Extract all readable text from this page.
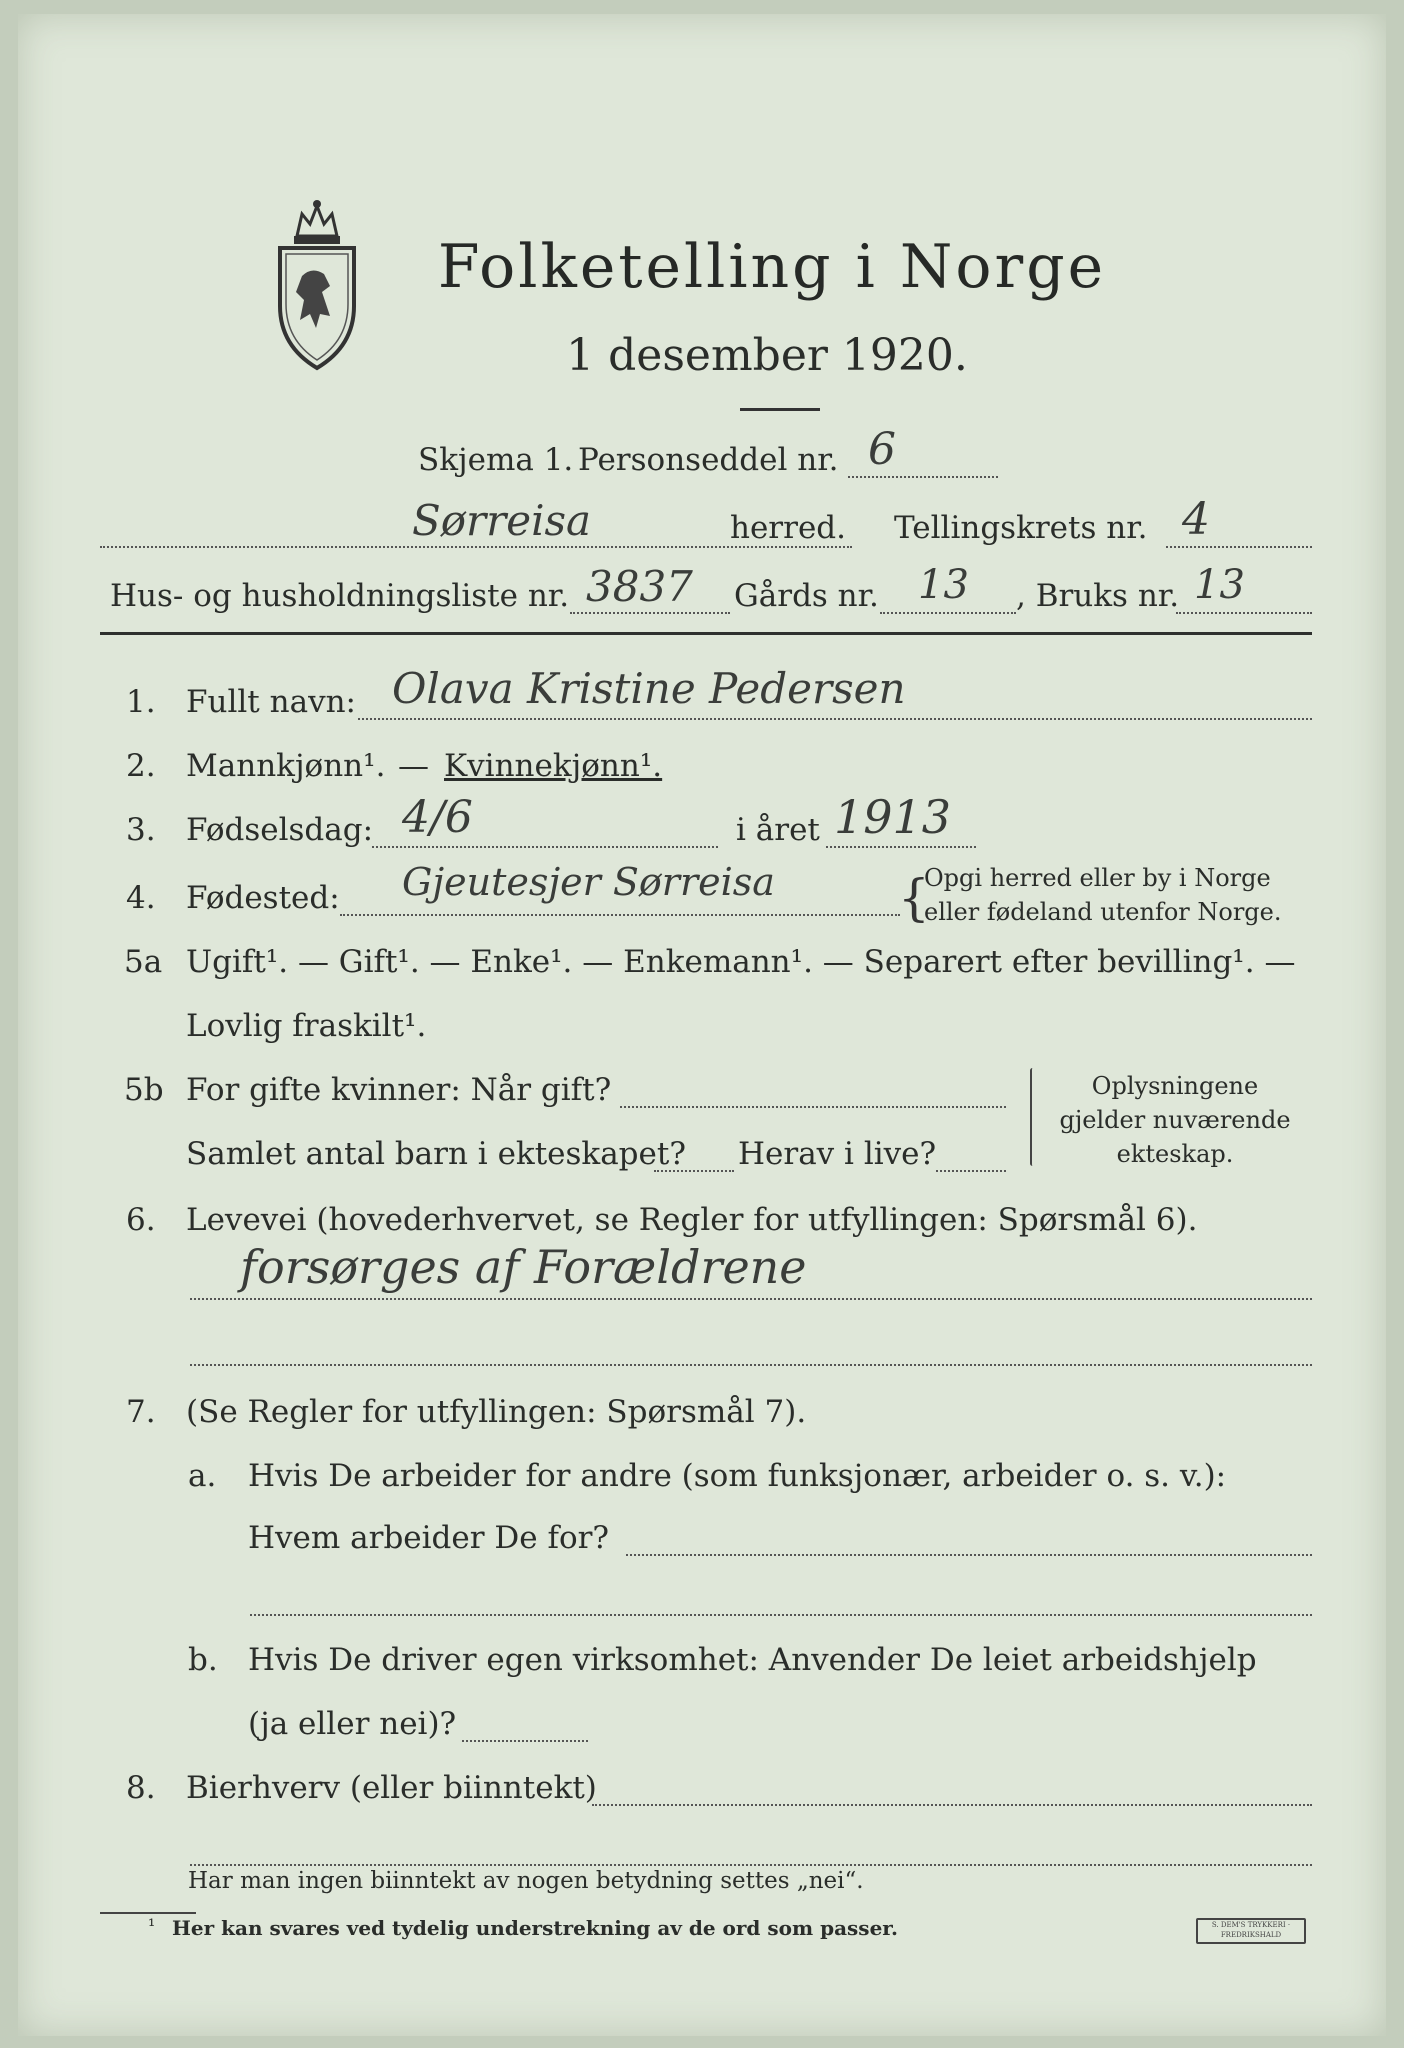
Folketelling i Norge
1 desember 1920.
Skjema 1. Personseddel nr. 6
Sørreisa	herred. Tellingskrets nr. 4
Hus- og husholdningsliste nr. 3837 Gårds nr. 13 , Bruks nr. 13
1. Fullt navn: Olava Kristine Pedersen
2. Mannkjønn¹. — Kvinnekjønn¹.
3. Fødselsdag: 4/6	i året 1913
4. Fødested: Gjeutesjer Sørreisa {
Opgi herred eller by i Norge
eller fødeland utenfor Norge.
5a Ugift¹. — Gift¹. — Enke¹. — Enkemann¹. — Separert efter bevilling¹. —
Lovlig fraskilt¹.
5b For gifte kvinner: Når gift?
Samlet antal barn i ekteskapet? Herav i live?
Oplysningene
gjelder nuværende
ekteskap.
6. Levevei (hovederhvervet, se Regler for utfyllingen: Spørsmål 6).
forsørges af Forældrene
7. (Se Regler for utfyllingen: Spørsmål 7).
a. Hvis De arbeider for andre (som funksjonær, arbeider o. s. v.):
Hvem arbeider De for?
b. Hvis De driver egen virksomhet: Anvender De leiet arbeidshjelp
(ja eller nei)?
8. Bierhverv (eller biinntekt)
Har man ingen biinntekt av nogen betydning settes „nei“.
¹ Her kan svares ved tydelig understrekning av de ord som passer.	S. DEM'S TRYKKERI · FREDRIKSHALD
